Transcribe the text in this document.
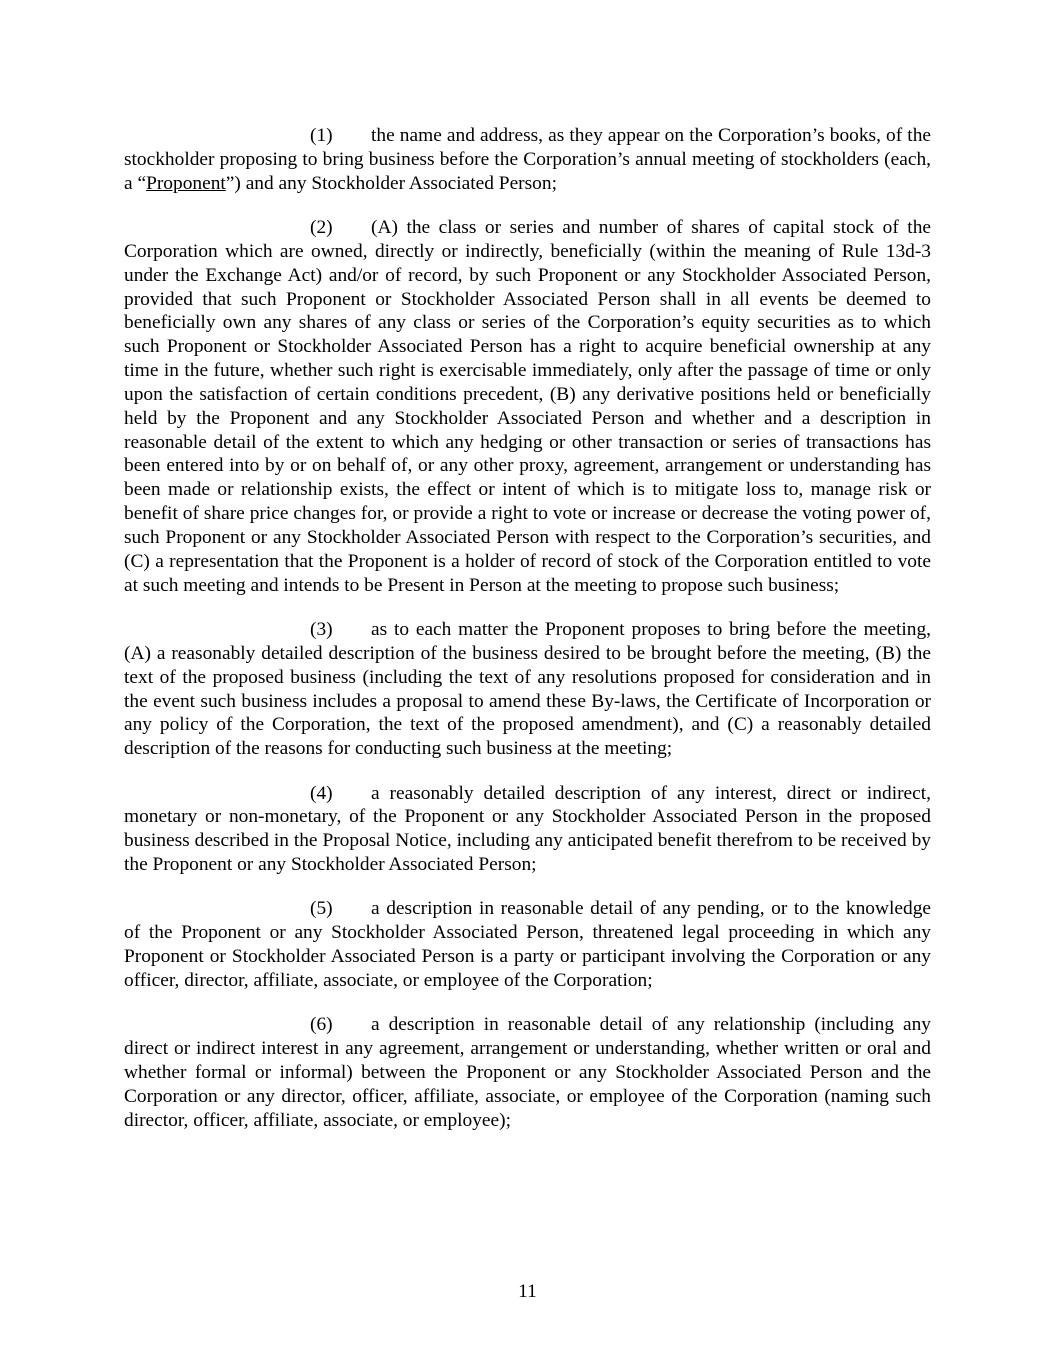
(1) the name and address, as they appear on the Corporation’s books, of the stockholder proposing to bring business before the Corporation’s annual meeting of stockholders (each, a “Proponent”) and any Stockholder Associated Person;

(2) (A) the class or series and number of shares of capital stock of the Corporation which are owned, directly or indirectly, beneficially (within the meaning of Rule 13d-3 under the Exchange Act) and/or of record, by such Proponent or any Stockholder Associated Person, provided that such Proponent or Stockholder Associated Person shall in all events be deemed to beneficially own any shares of any class or series of the Corporation’s equity securities as to which such Proponent or Stockholder Associated Person has a right to acquire beneficial ownership at any time in the future, whether such right is exercisable immediately, only after the passage of time or only upon the satisfaction of certain conditions precedent, (B) any derivative positions held or beneficially held by the Proponent and any Stockholder Associated Person and whether and a description in reasonable detail of the extent to which any hedging or other transaction or series of transactions has been entered into by or on behalf of, or any other proxy, agreement, arrangement or understanding has been made or relationship exists, the effect or intent of which is to mitigate loss to, manage risk or benefit of share price changes for, or provide a right to vote or increase or decrease the voting power of, such Proponent or any Stockholder Associated Person with respect to the Corporation’s securities, and (C) a representation that the Proponent is a holder of record of stock of the Corporation entitled to vote at such meeting and intends to be Present in Person at the meeting to propose such business;

(3) as to each matter the Proponent proposes to bring before the meeting, (A) a reasonably detailed description of the business desired to be brought before the meeting, (B) the text of the proposed business (including the text of any resolutions proposed for consideration and in the event such business includes a proposal to amend these By-laws, the Certificate of Incorporation or any policy of the Corporation, the text of the proposed amendment), and (C) a reasonably detailed description of the reasons for conducting such business at the meeting;

(4) a reasonably detailed description of any interest, direct or indirect, monetary or non-monetary, of the Proponent or any Stockholder Associated Person in the proposed business described in the Proposal Notice, including any anticipated benefit therefrom to be received by the Proponent or any Stockholder Associated Person;

(5) a description in reasonable detail of any pending, or to the knowledge of the Proponent or any Stockholder Associated Person, threatened legal proceeding in which any Proponent or Stockholder Associated Person is a party or participant involving the Corporation or any officer, director, affiliate, associate, or employee of the Corporation;

(6) a description in reasonable detail of any relationship (including any direct or indirect interest in any agreement, arrangement or understanding, whether written or oral and whether formal or informal) between the Proponent or any Stockholder Associated Person and the Corporation or any director, officer, affiliate, associate, or employee of the Corporation (naming such director, officer, affiliate, associate, or employee);

11
